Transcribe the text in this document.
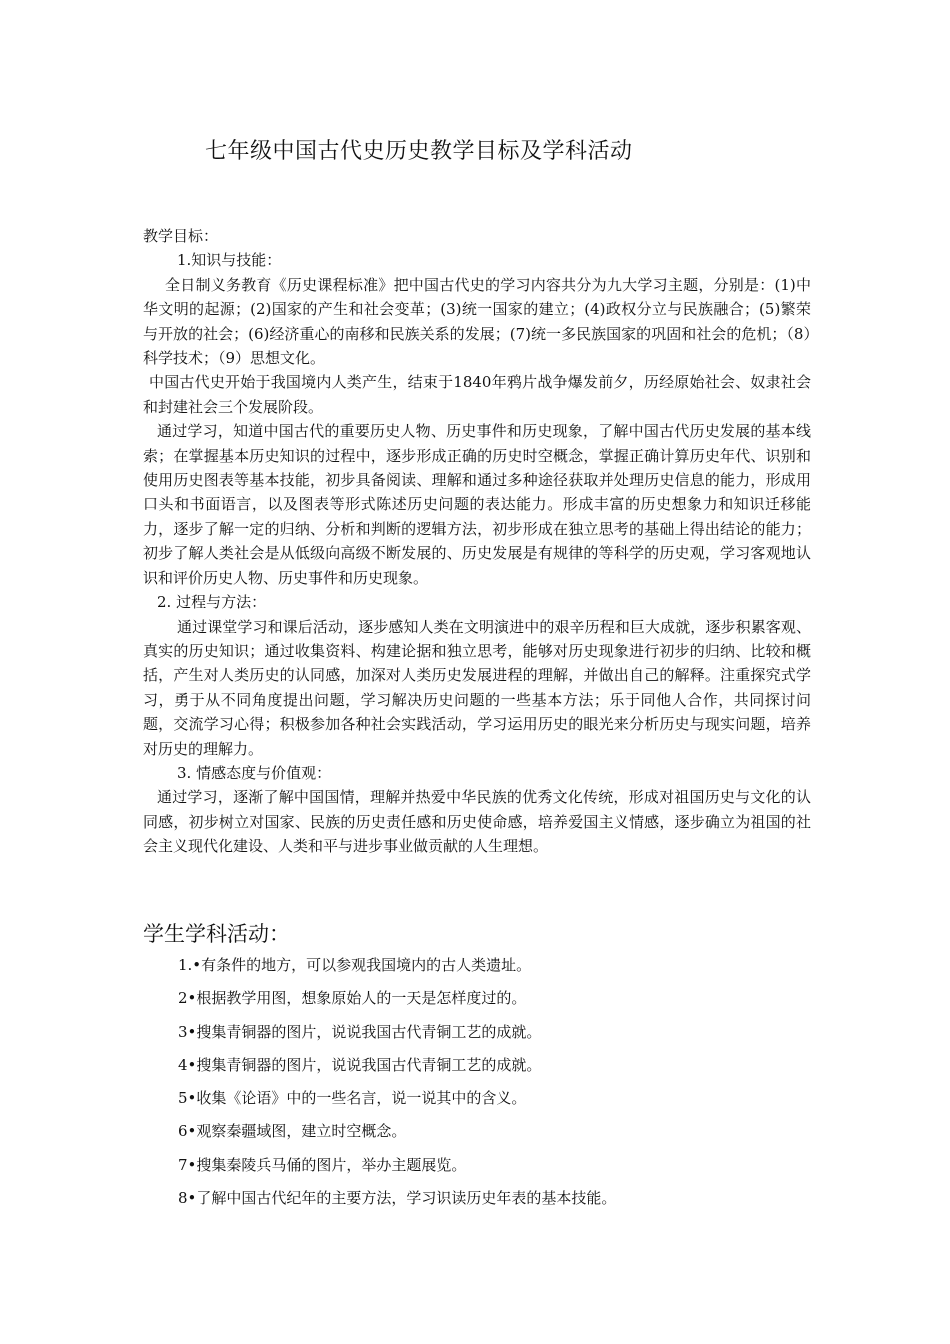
七年级中国古代史历史教学目标及学科活动

教学目标：

1.知识与技能：

全日制义务教育《历史课程标准》把中国古代史的学习内容共分为九大学习主题，分别是：(1)中华文明的起源；(2)国家的产生和社会变革；(3)统一国家的建立；(4)政权分立与民族融合；(5)繁荣与开放的社会；(6)经济重心的南移和民族关系的发展；(7)统一多民族国家的巩固和社会的危机；（8）科学技术；（9）思想文化。

中国古代史开始于我国境内人类产生，结束于1840年鸦片战争爆发前夕，历经原始社会、奴隶社会和封建社会三个发展阶段。

通过学习，知道中国古代的重要历史人物、历史事件和历史现象，了解中国古代历史发展的基本线索；在掌握基本历史知识的过程中，逐步形成正确的历史时空概念，掌握正确计算历史年代、识别和使用历史图表等基本技能，初步具备阅读、理解和通过多种途径获取并处理历史信息的能力，形成用口头和书面语言，以及图表等形式陈述历史问题的表达能力。形成丰富的历史想象力和知识迁移能力，逐步了解一定的归纳、分析和判断的逻辑方法，初步形成在独立思考的基础上得出结论的能力；初步了解人类社会是从低级向高级不断发展的、历史发展是有规律的等科学的历史观，学习客观地认识和评价历史人物、历史事件和历史现象。

2. 过程与方法：

通过课堂学习和课后活动，逐步感知人类在文明演进中的艰辛历程和巨大成就，逐步积累客观、真实的历史知识；通过收集资料、构建论据和独立思考，能够对历史现象进行初步的归纳、比较和概括，产生对人类历史的认同感，加深对人类历史发展进程的理解，并做出自己的解释。注重探究式学习，勇于从不同角度提出问题，学习解决历史问题的一些基本方法；乐于同他人合作，共同探讨问题，交流学习心得；积极参加各种社会实践活动，学习运用历史的眼光来分析历史与现实问题，培养对历史的理解力。

3. 情感态度与价值观：

通过学习，逐渐了解中国国情，理解并热爱中华民族的优秀文化传统，形成对祖国历史与文化的认同感，初步树立对国家、民族的历史责任感和历史使命感，培养爱国主义情感，逐步确立为祖国的社会主义现代化建设、人类和平与进步事业做贡献的人生理想。

学生学科活动：
1.•有条件的地方，可以参观我国境内的古人类遗址。
2•根据教学用图，想象原始人的一天是怎样度过的。
3•搜集青铜器的图片，说说我国古代青铜工艺的成就。
4•搜集青铜器的图片，说说我国古代青铜工艺的成就。
5•收集《论语》中的一些名言，说一说其中的含义。
6•观察秦疆域图，建立时空概念。
7•搜集秦陵兵马俑的图片，举办主题展览。
8•了解中国古代纪年的主要方法，学习识读历史年表的基本技能。
